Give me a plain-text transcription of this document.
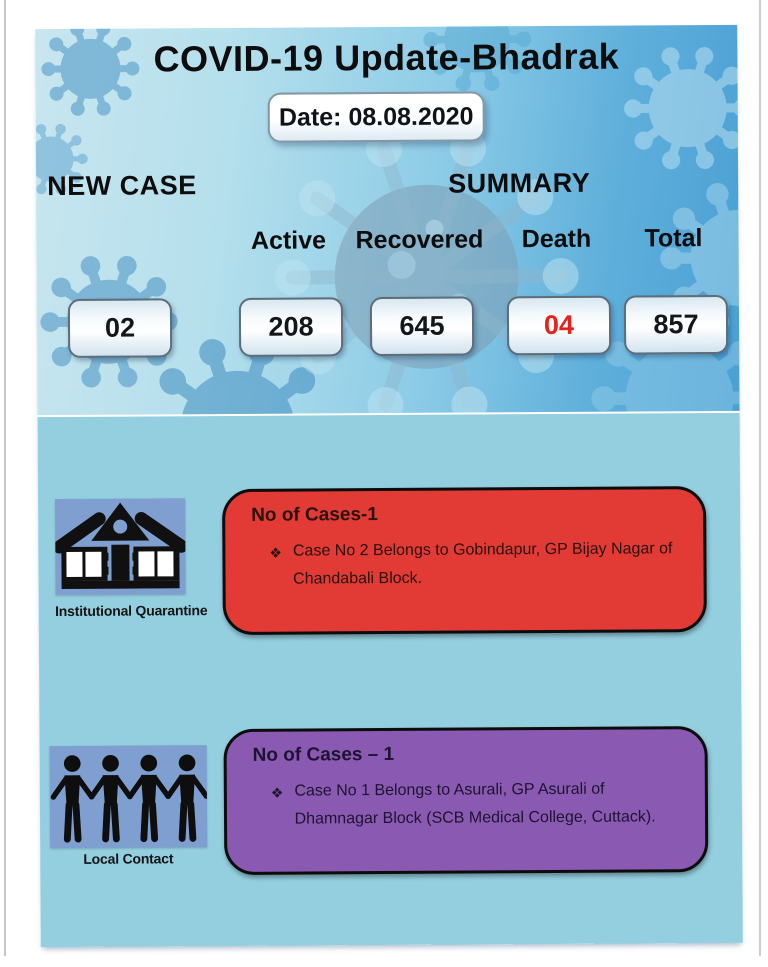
COVID-19 Update-Bhadrak
Date: 08.08.2020
NEW CASE	SUMMARY
Active	Recovered	Death	Total
02	208	645	04	857
Institutional Quarantine
No of Cases-1
❖ Case No 2 Belongs to Gobindapur, GP Bijay Nagar of Chandabali Block.
Local Contact
No of Cases – 1
❖ Case No 1 Belongs to Asurali, GP Asurali of Dhamnagar Block (SCB Medical College, Cuttack).
